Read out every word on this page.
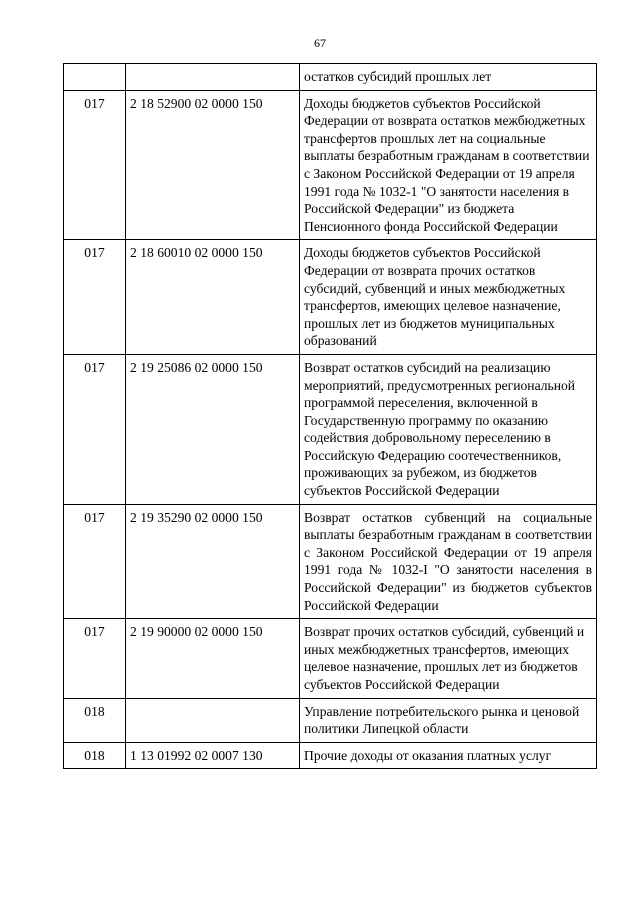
67
		остатков субсидий прошлых лет
017	2 18 52900 02 0000 150	Доходы бюджетов субъектов Российской Федерации от возврата остатков межбюджетных трансфертов прошлых лет на социальные выплаты безработным гражданам в соответствии с Законом Российской Федерации от 19 апреля 1991 года № 1032-1 "О занятости населения в Российской Федерации" из бюджета Пенсионного фонда Российской Федерации
017	2 18 60010 02 0000 150	Доходы бюджетов субъектов Российской Федерации от возврата прочих остатков субсидий, субвенций и иных межбюджетных трансфертов, имеющих целевое назначение, прошлых лет из бюджетов муниципальных образований
017	2 19 25086 02 0000 150	Возврат остатков субсидий на реализацию мероприятий, предусмотренных региональной программой переселения, включенной в Государственную программу по оказанию содействия добровольному переселению в Российскую Федерацию соотечественников, проживающих за рубежом, из бюджетов субъектов Российской Федерации
017	2 19 35290 02 0000 150	Возврат остатков субвенций на социальные выплаты безработным гражданам в соответствии с Законом Российской Федерации от 19 апреля 1991 года № 1032-I "О занятости населения в Российской Федерации" из бюджетов субъектов Российской Федерации
017	2 19 90000 02 0000 150	Возврат прочих остатков субсидий, субвенций и иных межбюджетных трансфертов, имеющих целевое назначение, прошлых лет из бюджетов субъектов Российской Федерации
018		Управление потребительского рынка и ценовой политики Липецкой области
018	1 13 01992 02 0007 130	Прочие доходы от оказания платных услуг
